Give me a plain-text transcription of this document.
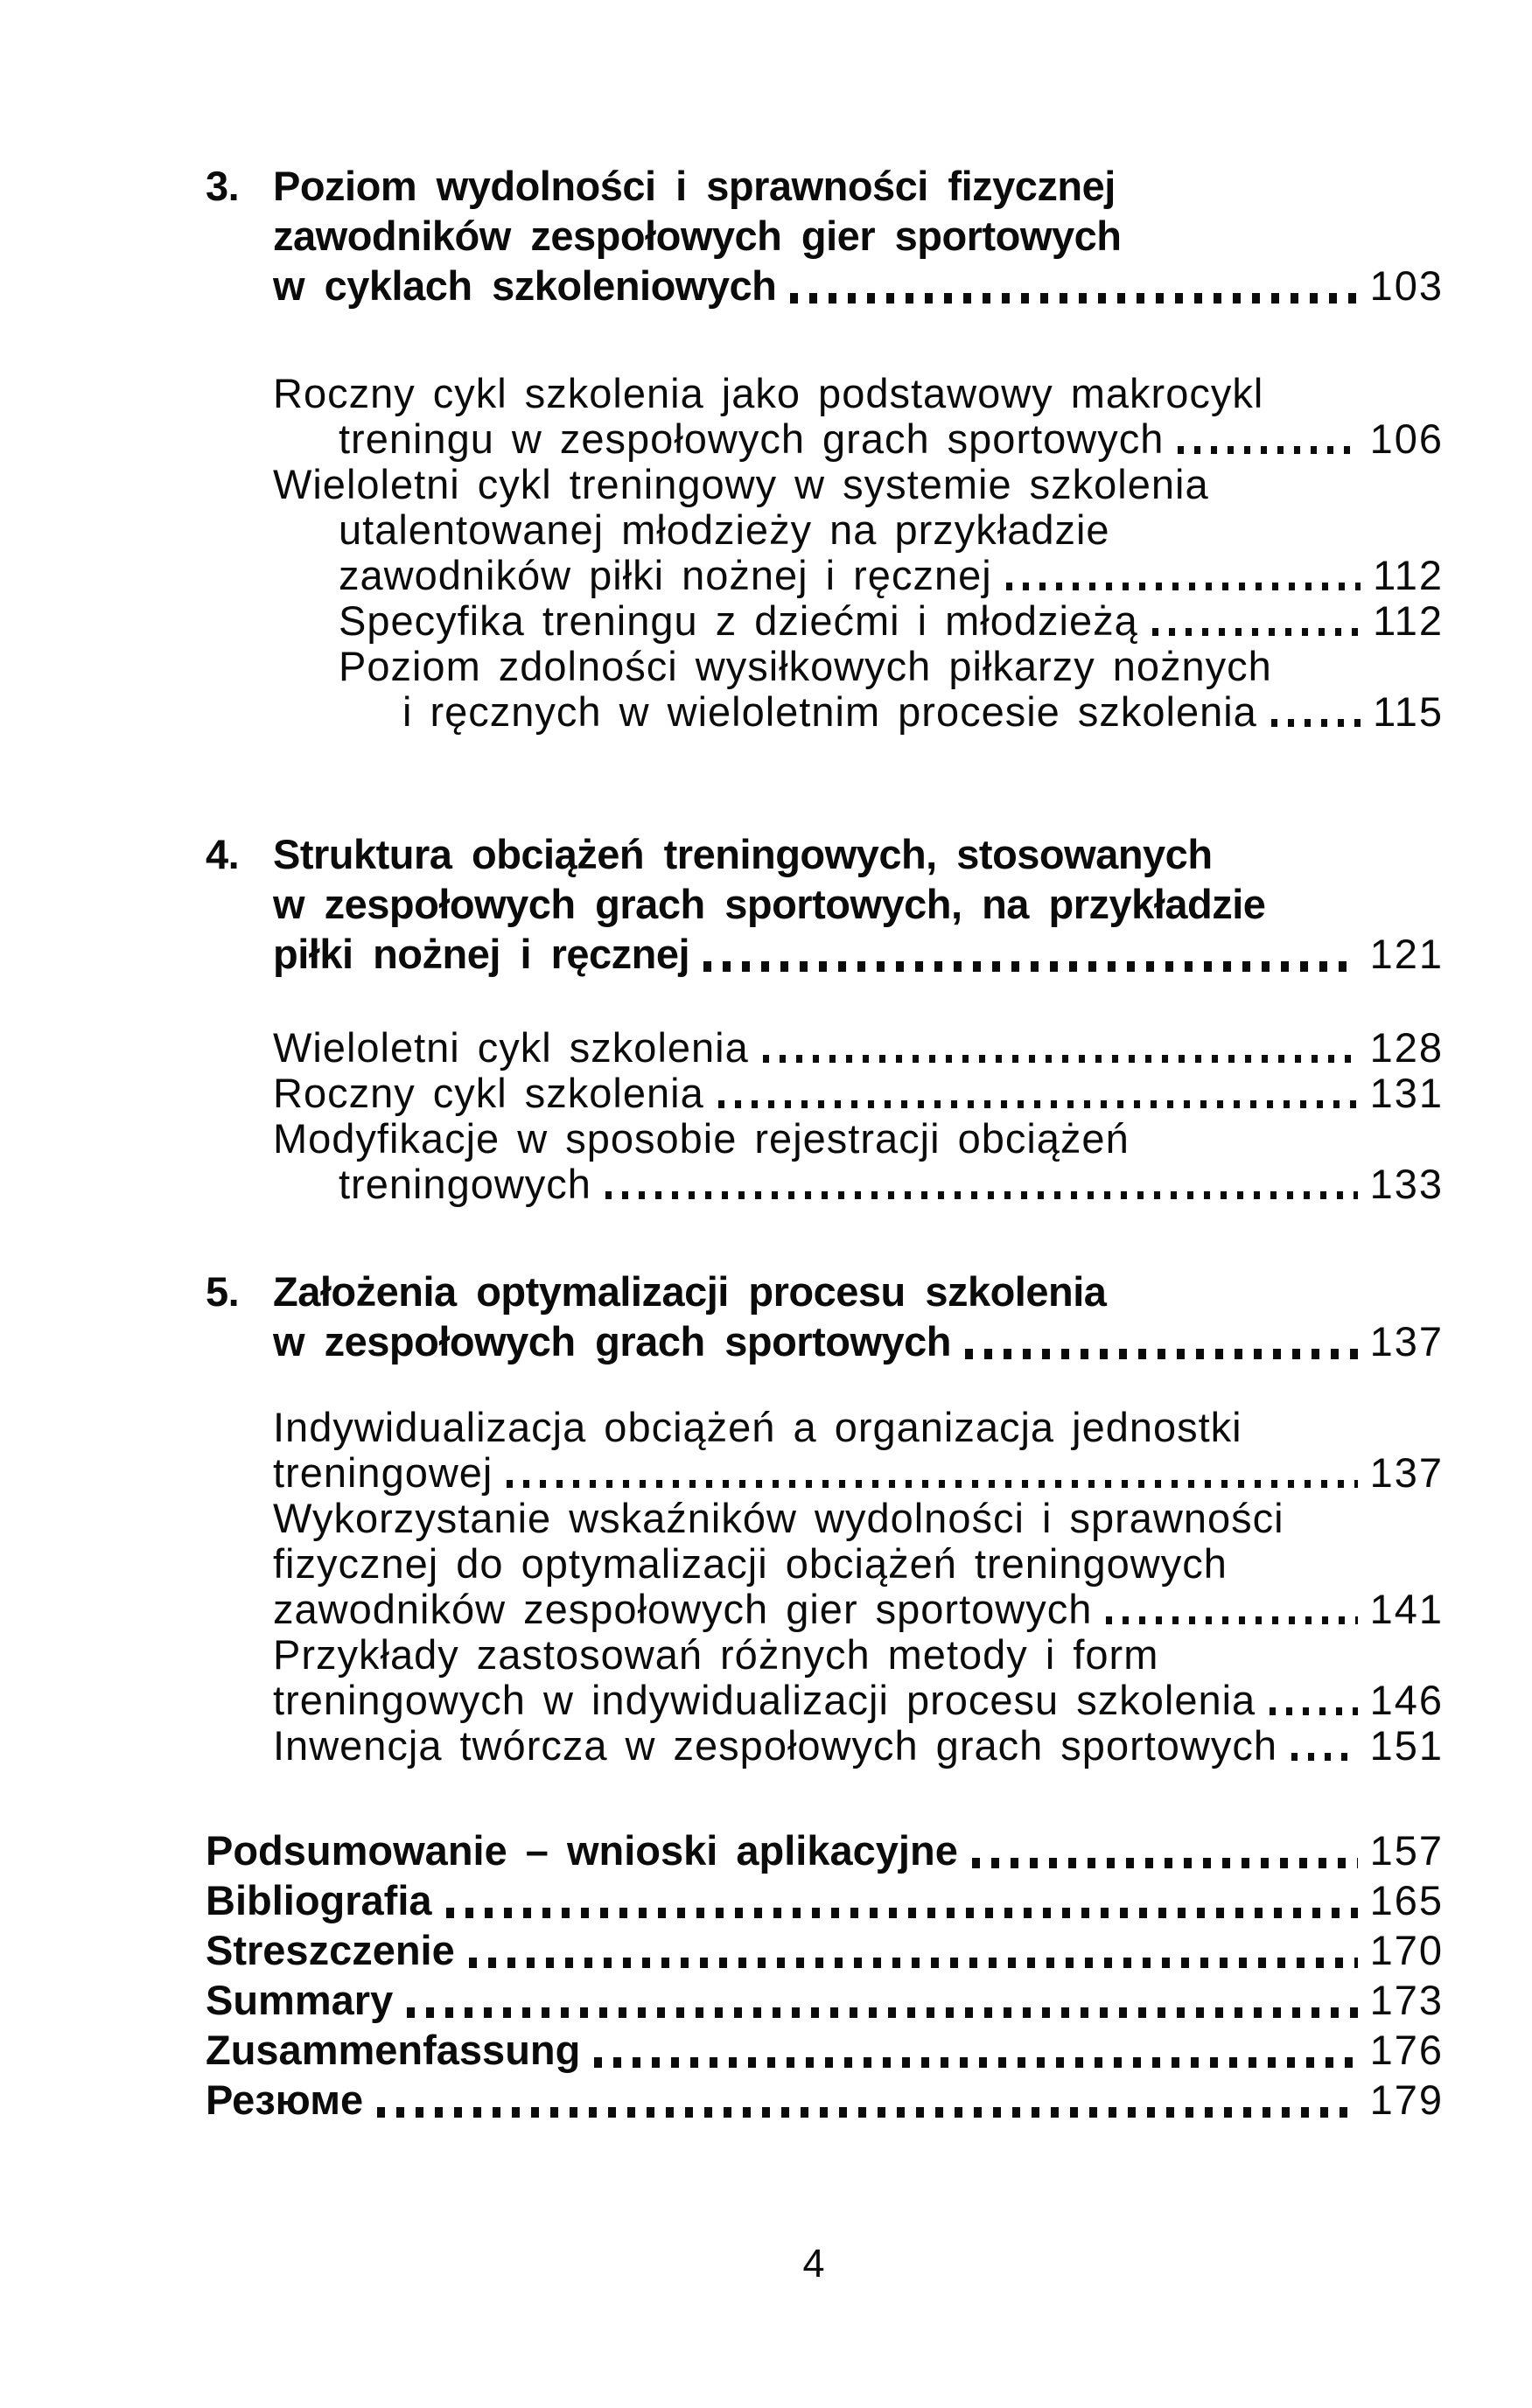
3. Poziom wydolności i sprawności fizycznej
zawodników zespołowych gier sportowych
w cyklach szkoleniowych	103
Roczny cykl szkolenia jako podstawowy makrocykl
treningu w zespołowych grach sportowych	106
Wieloletni cykl treningowy w systemie szkolenia
utalentowanej młodzieży na przykładzie
zawodników piłki nożnej i ręcznej	112
Specyfika treningu z dziećmi i młodzieżą	112
Poziom zdolności wysiłkowych piłkarzy nożnych
i ręcznych w wieloletnim procesie szkolenia	115
4. Struktura obciążeń treningowych, stosowanych
w zespołowych grach sportowych, na przykładzie
piłki nożnej i ręcznej	121
Wieloletni cykl szkolenia	128
Roczny cykl szkolenia	131
Modyfikacje w sposobie rejestracji obciążeń
treningowych	133
5. Założenia optymalizacji procesu szkolenia
w zespołowych grach sportowych	137
Indywidualizacja obciążeń a organizacja jednostki
treningowej	137
Wykorzystanie wskaźników wydolności i sprawności
fizycznej do optymalizacji obciążeń treningowych
zawodników zespołowych gier sportowych	141
Przykłady zastosowań różnych metody i form
treningowych w indywidualizacji procesu szkolenia	146
Inwencja twórcza w zespołowych grach sportowych 151
Podsumowanie – wnioski aplikacyjne	157
Bibliografia	165
Streszczenie	170
Summary	173
Zusammenfassung	176
Резюме	179
4
